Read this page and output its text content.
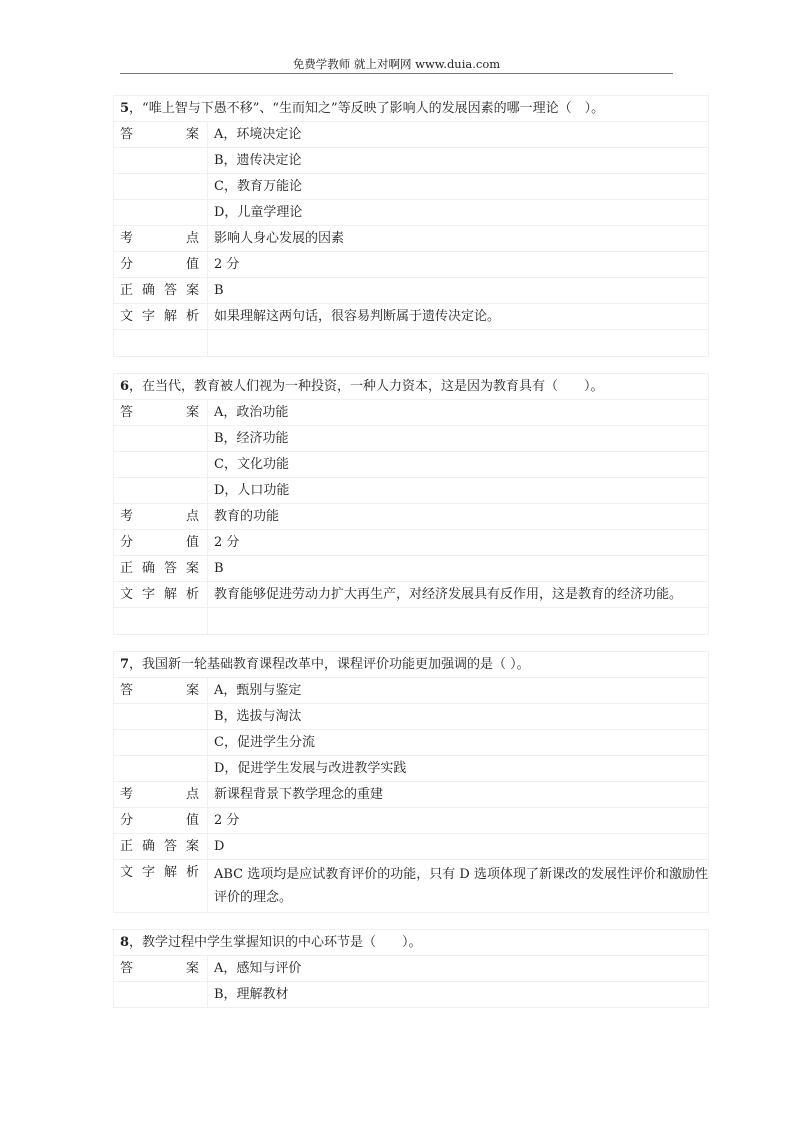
免费学教师 就上对啊网 www.duia.com
5，“唯上智与下愚不移”、“生而知之”等反映了影响人的发展因素的哪一理论（　）。
答　　案	A，环境决定论
	B，遗传决定论
	C，教育万能论
	D，儿童学理论
考　　点	影响人身心发展的因素
分　　值	2 分
正确答案	B
文字解析	如果理解这两句话，很容易判断属于遗传决定论。

6，在当代，教育被人们视为一种投资，一种人力资本，这是因为教育具有（　　）。
答　　案	A，政治功能
	B，经济功能
	C，文化功能
	D，人口功能
考　　点	教育的功能
分　　值	2 分
正确答案	B
文字解析	教育能够促进劳动力扩大再生产，对经济发展具有反作用，这是教育的经济功能。

7，我国新一轮基础教育课程改革中，课程评价功能更加强调的是（ ）。
答　　案	A，甄别与鉴定
	B，选拔与淘汰
	C，促进学生分流
	D，促进学生发展与改进教学实践
考　　点	新课程背景下教学理念的重建
分　　值	2 分
正确答案	D
文字解析	ABC 选项均是应试教育评价的功能，只有 D 选项体现了新课改的发展性评价和激励性评价的理念。
8，教学过程中学生掌握知识的中心环节是（　　）。
答　　案	A，感知与评价
	B，理解教材
